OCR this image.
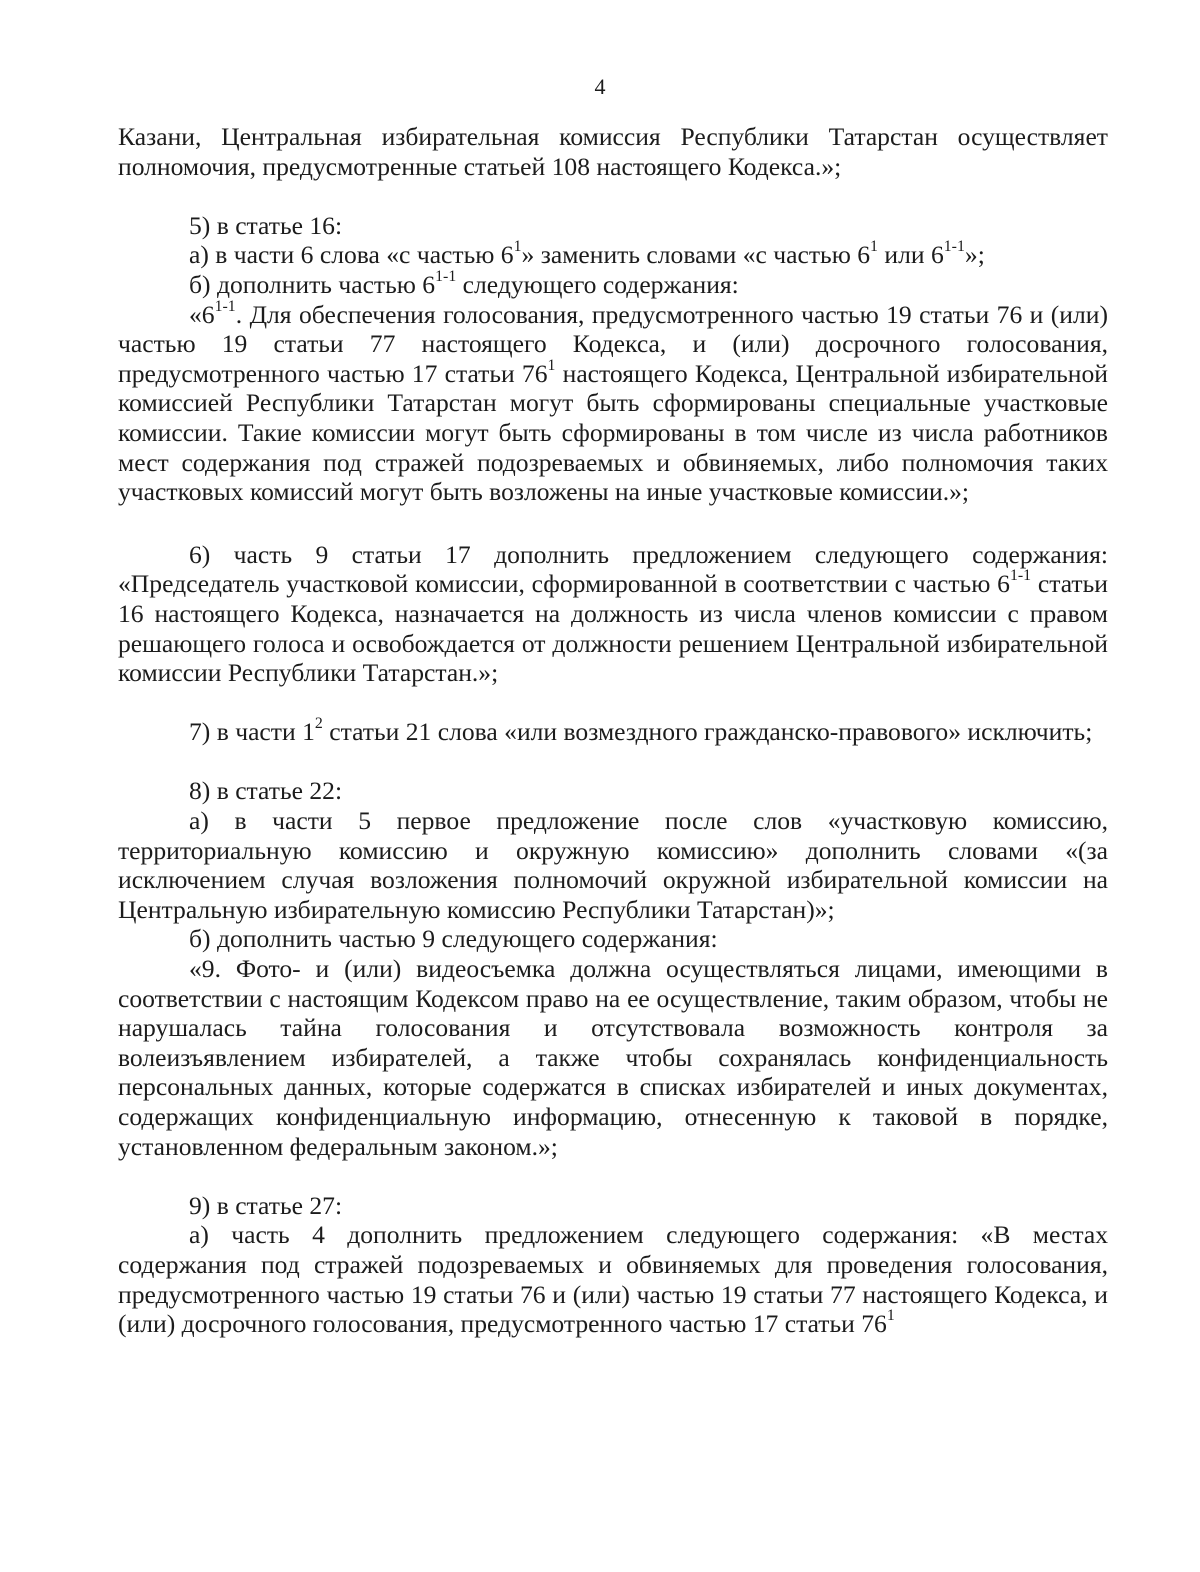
4

Казани, Центральная избирательная комиссия Республики Татарстан осуществляет полномочия, предусмотренные статьей 108 настоящего Кодекса.»;

5) в статье 16:

а) в части 6 слова «с частью $6^1$» заменить словами «с частью $6^1$ или 6$^{1-1}$»;

б) дополнить частью 6$^{1-1}$ следующего содержания:

«6$^{1-1}$. Для обеспечения голосования, предусмотренного частью 19 статьи 76 и (или) частью 19 статьи 77 настоящего Кодекса, и (или) досрочного голосования, предусмотренного частью 17 статьи $76^1$ настоящего Кодекса, Центральной избирательной комиссией Республики Татарстан могут быть сформированы специальные участковые комиссии. Такие комиссии могут быть сформированы в том числе из числа работников мест содержания под стражей подозреваемых и обвиняемых, либо полномочия таких участковых комиссий могут быть возложены на иные участковые комиссии.»;

6) часть 9 статьи 17 дополнить предложением следующего содержания: «Председатель участковой комиссии, сформированной в соответствии с частью 6$^{1-1}$ статьи 16 настоящего Кодекса, назначается на должность из числа членов комиссии с правом решающего голоса и освобождается от должности решением Центральной избирательной комиссии Республики Татарстан.»;

7) в части $1^2$ статьи 21 слова «или возмездного гражданско-правового» исключить;

8) в статье 22:

а) в части 5 первое предложение после слов «участковую комиссию, территориальную комиссию и окружную комиссию» дополнить словами «(за исключением случая возложения полномочий окружной избирательной комиссии на Центральную избирательную комиссию Республики Татарстан)»;

б) дополнить частью 9 следующего содержания:

«9. Фото- и (или) видеосъемка должна осуществляться лицами, имеющими в соответствии с настоящим Кодексом право на ее осуществление, таким образом, чтобы не нарушалась тайна голосования и отсутствовала возможность контроля за волеизъявлением избирателей, а также чтобы сохранялась конфиденциальность персональных данных, которые содержатся в списках избирателей и иных документах, содержащих конфиденциальную информацию, отнесенную к таковой в порядке, установленном федеральным законом.»;

9) в статье 27:

а) часть 4 дополнить предложением следующего содержания: «В местах содержания под стражей подозреваемых и обвиняемых для проведения голосования, предусмотренного частью 19 статьи 76 и (или) частью 19 статьи 77 настоящего Кодекса, и (или) досрочного голосования, предусмотренного частью 17 статьи $76^1$
